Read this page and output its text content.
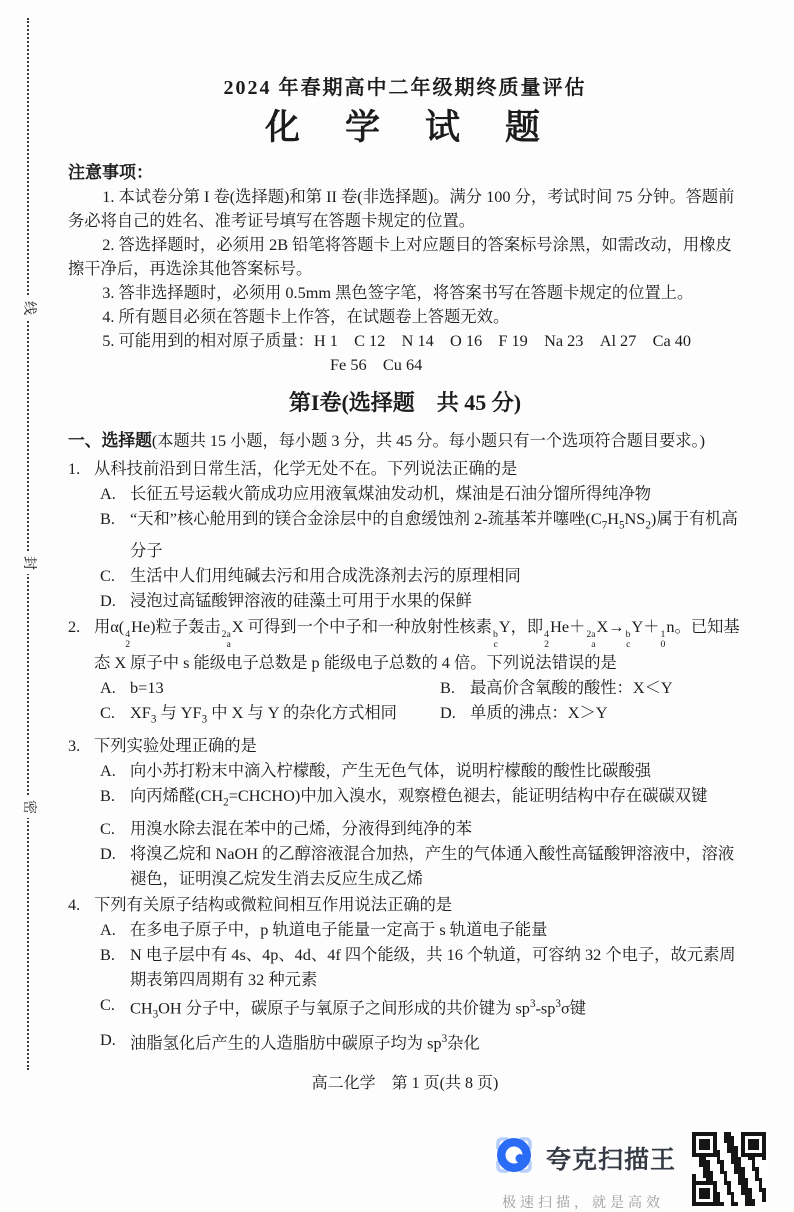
线
封
密
2024 年春期高中二年级期终质量评估
化　学　试　题
注意事项：

1. 本试卷分第 I 卷(选择题)和第 II 卷(非选择题)。满分 100 分，考试时间 75 分钟。答题前务必将自己的姓名、准考证号填写在答题卡规定的位置。

2. 答选择题时，必须用 2B 铅笔将答题卡上对应题目的答案标号涂黑，如需改动，用橡皮擦干净后，再选涂其他答案标号。

3. 答非选择题时，必须用 0.5mm 黑色签字笔，将答案书写在答题卡规定的位置上。

4. 所有题目必须在答题卡上作答，在试题卷上答题无效。

5. 可能用到的相对原子质量：H 1　C 12　N 14　O 16　F 19　Na 23　Al 27　Ca 40

Fe 56　Cu 64

第I卷(选择题　共 45 分)
一、选择题(本题共 15 小题，每小题 3 分，共 45 分。每小题只有一个选项符合题目要求。)
1. 从科技前沿到日常生活，化学无处不在。下列说法正确的是
A. 长征五号运载火箭成功应用液氧煤油发动机，煤油是石油分馏所得纯净物
B. “天和”核心舱用到的镁合金涂层中的自愈缓蚀剂 2-巯基苯并噻唑$(C_7H_5NS_2)$属于有机高分子
C. 生活中人们用纯碱去污和用合成洗涤剂去污的原理相同
D. 浸泡过高锰酸钾溶液的硅藻土可用于水果的保鲜
2. 用α( 4
2
He)粒子轰击 2a
a
X 可得到一个中子和一种放射性核素 b
c
Y，即 4
2
He＋ 2a
a
X→ b
c
Y＋ 1
0
n。已知基态 X 原子中 s 能级电子总数是 p 能级电子总数的 4 倍。下列说法错误的是
A. b=13	B. 最高价含氧酸的酸性：X＜Y
C. $XF_3$ 与 $YF_3$ 中 X 与 Y 的杂化方式相同	D. 单质的沸点：X＞Y
3. 下列实验处理正确的是
A. 向小苏打粉末中滴入柠檬酸，产生无色气体，说明柠檬酸的酸性比碳酸强
B. 向丙烯醛$(CH_2=CHCHO)$中加入溴水，观察橙色褪去，能证明结构中存在碳碳双键
C. 用溴水除去混在苯中的己烯，分液得到纯净的苯
D. 将溴乙烷和 NaOH 的乙醇溶液混合加热，产生的气体通入酸性高锰酸钾溶液中，溶液褪色，证明溴乙烷发生消去反应生成乙烯
4. 下列有关原子结构或微粒间相互作用说法正确的是
A. 在多电子原子中，p 轨道电子能量一定高于 s 轨道电子能量
B. N 电子层中有 4s、4p、4d、4f 四个能级，共 16 个轨道，可容纳 32 个电子，故元素周期表第四周期有 32 种元素
C. $CH_3OH$ 分子中，碳原子与氧原子之间形成的共价键为 $sp^3-sp^3\sigma$键
D. 油脂氢化后产生的人造脂肪中碳原子均为 $sp^3$杂化
高二化学　第 1 页(共 8 页)
夸克扫描王
极速扫描，就是高效
